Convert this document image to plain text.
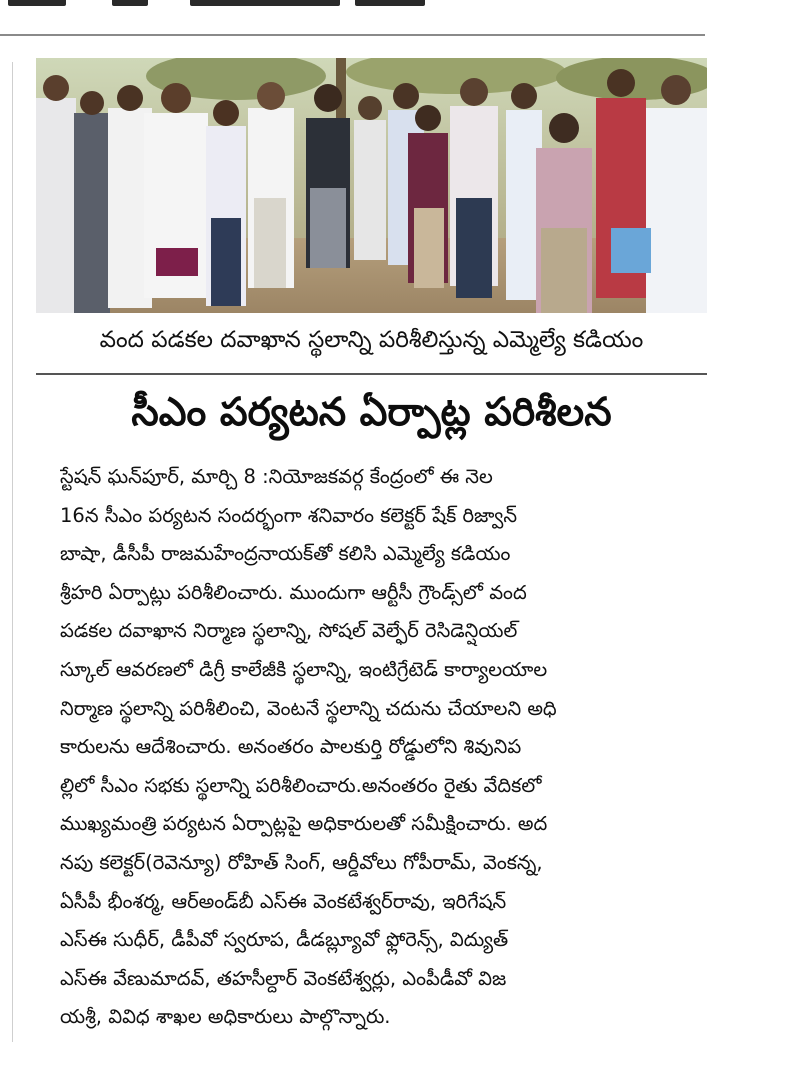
వంద పడకల దవాఖాన స్థలాన్ని పరిశీలిస్తున్న ఎమ్మెల్యే కడియం
సీఎం పర్యటన ఏర్పాట్ల పరిశీలన
స్టేషన్ ఘన్‌పూర్, మార్చి 8 :నియోజకవర్గ కేంద్రంలో ఈ నెల
16న సీఎం పర్యటన సందర్భంగా శనివారం కలెక్టర్ షేక్ రిజ్వాన్
బాషా, డీసీపీ రాజమహేంద్రనాయక్‌తో కలిసి ఎమ్మెల్యే కడియం
శ్రీహరి ఏర్పాట్లు పరిశీలించారు. ముందుగా ఆర్టీసీ గ్రౌండ్స్‌లో వంద
పడకల దవాఖాన నిర్మాణ స్థలాన్ని, సోషల్ వెల్ఫేర్ రెసిడెన్షియల్
స్కూల్ ఆవరణలో డిగ్రీ కాలేజీకి స్థలాన్ని, ఇంటిగ్రేటెడ్ కార్యాలయాల
నిర్మాణ స్థలాన్ని పరిశీలించి, వెంటనే స్థలాన్ని చదును చేయాలని అధి
కారులను ఆదేశించారు. అనంతరం పాలకుర్తి రోడ్డులోని శివునిప
ల్లిలో సీఎం సభకు స్థలాన్ని పరిశీలించారు.అనంతరం రైతు వేదికలో
ముఖ్యమంత్రి పర్యటన ఏర్పాట్లపై అధికారులతో సమీక్షించారు. అద
నపు కలెక్టర్(రెవెన్యూ) రోహిత్ సింగ్, ఆర్డీవోలు గోపీరామ్, వెంకన్న,
ఏసీపీ భీంశర్మ, ఆర్‌అండ్‌బీ ఎస్ఈ వెంకటేశ్వర్‌రావు, ఇరిగేషన్
ఎస్ఈ సుధీర్, డీపీవో స్వరూప, డీడబ్ల్యూవో ఫ్లోరెన్స్, విద్యుత్
ఎస్ఈ వేణుమాదవ్, తహసీల్దార్ వెంకటేశ్వర్లు, ఎంపీడీవో విజ
యశ్రీ, వివిధ శాఖల అధికారులు పాల్గొన్నారు.
